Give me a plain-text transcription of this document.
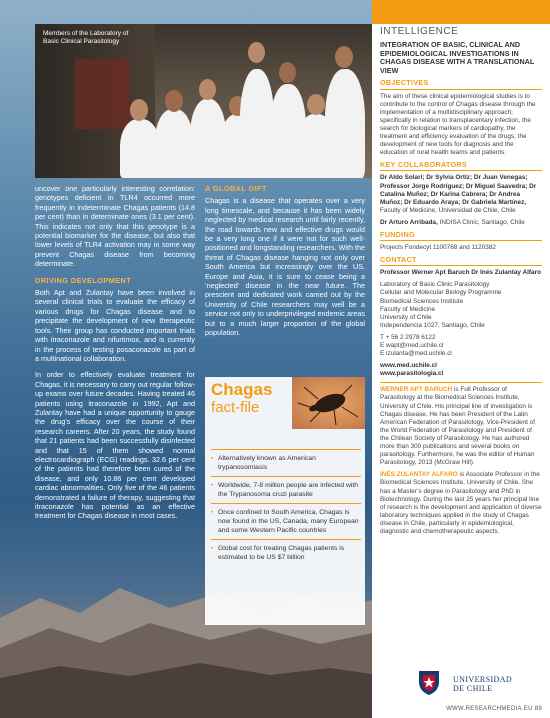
Members of the Laboratory of Basic Clinical Parasitology

uncover one particularly interesting correlation: genotypes deficient in TLR4 occurred more frequently in indeterminate Chagas patients (14.8 per cent) than in determinate ones (3.1 per cent). This indicates not only that this genotype is a potential biomarker for the disease, but also that lower levels of TLR4 activation may in some way prevent Chagas disease from becoming determinate.

DRIVING DEVELOPMENT

Both Apt and Zulantay have been involved in several clinical trials to evaluate the efficacy of various drugs for Chagas disease and to precipitate the development of new therapeutic tools. Their group has conducted important trials with itraconazole and nifurtimox, and is currently in the process of testing posaconazole as part of a multinational collaboration.

In order to effectively evaluate treatment for Chagas, it is necessary to carry out regular follow-up exams over future decades. Having treated 46 patients using itraconazole in 1992, Apt and Zulantay have had a unique opportunity to gauge the drug’s efficacy over the course of their research careers. After 20 years, the study found that 21 patients had been successfully disinfected and that 15 of them showed normal electrocardiograph (ECG) readings. 32.6 per cent of the patients had therefore been cured of the disease, and only 10.86 per cent developed cardiac abnormalities. Only five of the 46 patients demonstrated a failure of therapy, suggesting that itraconazole has potential as an effective treatment for Chagas disease in most cases.

A GLOBAL GIFT

Chagas is a disease that operates over a very long timescale, and because it has been widely neglected by medical research until fairly recently, the road towards new and effective drugs would be a very long one if it were not for such well-positioned and longstanding researchers. With the threat of Chagas disease hanging not only over South America but increasingly over the US, Europe and Asia, it is sure to cease being a ‘neglected’ disease in the near future. The prescient and dedicated work carried out by the University of Chile researchers may well be a service not only to underprivileged endemic areas but to a much larger proportion of the global population.

Chagas
fact-file
• Alternatively known as American trypanosomiasis
• Worldwide, 7-8 million people are infected with the Trypanosoma cruzi parasite
• Once confined to South America, Chagas is now found in the US, Canada, many European and some Western Pacific countries
• Global cost for treating Chagas patients is estimated to be US $7 billion
INTELLIGENCE
INTEGRATION OF BASIC, CLINICAL AND EPIDEMIOLOGICAL INVESTIGATIONS IN CHAGAS DISEASE WITH A TRANSLATIONAL VIEW
OBJECTIVES
The aim of these clinical epidemiological studies is to contribute to the control of Chagas disease through the implementation of a multidisciplinary approach; specifically in relation to transplacentary infection, the search for biological markers of cardiopathy, the treatment and efficiency evaluation of the drugs, the development of new tools for diagnosis and the education of rural health teams and patients.
KEY COLLABORATORS
Dr Aldo Solari; Dr Sylvia Ortiz; Dr Juan Venegas; Professor Jorge Rodríguez; Dr Miguel Saavedra; Dr Catalina Muñoz; Dr Karina Cabrera; Dr Andrea Muñoz; Dr Eduardo Araya; Dr Gabriela Martínez, Faculty of Medicine, Universidad de Chile, Chile
Dr Arturo Arribada, INDISA Clinic, Santiago, Chile
FUNDING
Projects Fondecyt 1100768 and 1120382
CONTACT
Professor Werner Apt Baruch Dr Inés Zulantay Alfaro
Laboratory of Basic Clinic Parasitology
Cellular and Molecular Biology Programme
Biomedical Sciences Institute
Faculty of Medicine
University of Chile
Independencia 1027, Santiago, Chile
T + 56 2 2978 6122
E wapt@med.uchile.cl
E izulanta@med.uchile.cl
www.med.uchile.cl
www.parasitologia.cl
WERNER APT BARUCH is Full Professor of Parasitology at the Biomedical Sciences Institute, University of Chile. His principal line of investigation is Chagas disease. He has been President of the Latin American Federation of Parasitology, Vice-President of the World Federation of Parasitology and President of the Chilean Society of Parasitology. He has authored more than 300 publications and several books on parasitology. Furthermore, he was the editor of Human Parasitology, 2013 (McGraw Hill).
INÉS ZULANTAY ALFARO is Associate Professor in the Biomedical Sciences Institute, University of Chile. She has a Master’s degree in Parasitology and PhD in Biotechnology. During the last 25 years her principal line of research is the development and application of diverse laboratory techniques applied in the study of Chagas disease in Chile, particularly in epidemiological, diagnostic and chemotherapeutic aspects.
UNIVERSIDAD
DE CHILE
WWW.RESEARCHMEDIA.EU 89
